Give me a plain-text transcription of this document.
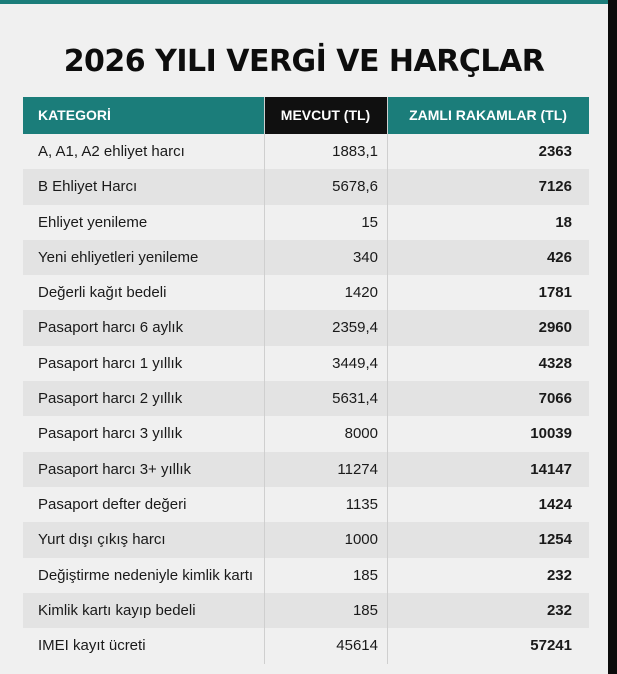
2026 YILI VERGİ VE HARÇLAR
KATEGORİ	MEVCUT (TL)	ZAMLI RAKAMLAR (TL)
A, A1, A2 ehliyet harcı	1883,1	2363
B Ehliyet Harcı	5678,6	7126
Ehliyet yenileme	15	18
Yeni ehliyetleri yenileme	340	426
Değerli kağıt bedeli	1420	1781
Pasaport harcı 6 aylık	2359,4	2960
Pasaport harcı 1 yıllık	3449,4	4328
Pasaport harcı 2 yıllık	5631,4	7066
Pasaport harcı 3 yıllık	8000	10039
Pasaport harcı 3+ yıllık	11274	14147
Pasaport defter değeri	1135	1424
Yurt dışı çıkış harcı	1000	1254
Değiştirme nedeniyle kimlik kartı	185	232
Kimlik kartı kayıp bedeli	185	232
IMEI kayıt ücreti	45614	57241
